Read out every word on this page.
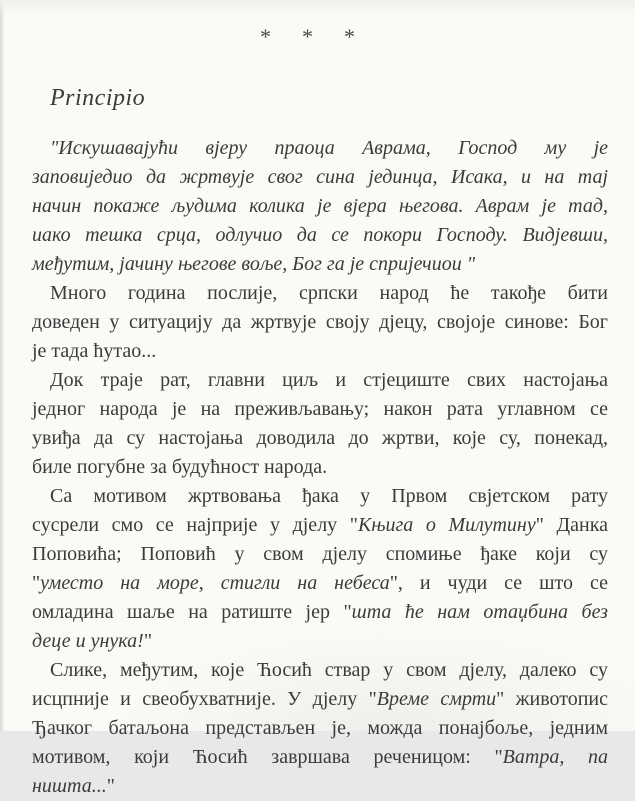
* * *
Principio
"Искушавајући вјеру праоца Аврама, Господ му је
заповиједио да жртвује свог сина јединца, Исака, и на тај
начин покаже људима колика је вјера његова. Аврам је тад,
иако тешка срца, одлучио да се покори Господу. Видјевши,
међутим, јачину његове воље, Бог га је спријечиои "
Много година послије, српски народ ће такође бити
доведен у ситуацију да жртвује своју дјецу, својоје синове: Бог
је тада ћутао...
Док траје рат, главни циљ и стјециште свих настојања
једног народа је на преживљавању; након рата углавном се
увиђа да су настојања доводила до жртви, које су, понекад,
биле погубне за будућност народа.
Са мотивом жртвовања ђака у Првом свјетском рату
сусрели смо се најприје у дјелу "Књига о Милутину" Данка
Поповића; Поповић у свом дјелу спомиње ђаке који су
"уместо на море, стигли на небеса", и чуди се што се
омладина шаље на ратиште јер "шта ће нам отаџбина без
деце и унука!"
Слике, међутим, које Ћосић ствар у свом дјелу, далеко су
исцпније и свеобухватније. У дјелу "Време смрти" животопис
Ђачког батаљона представљен је, можда понајбоље, једним
мотивом, који Ћосић завршава реченицом: "Ватра, па
ништа..."
